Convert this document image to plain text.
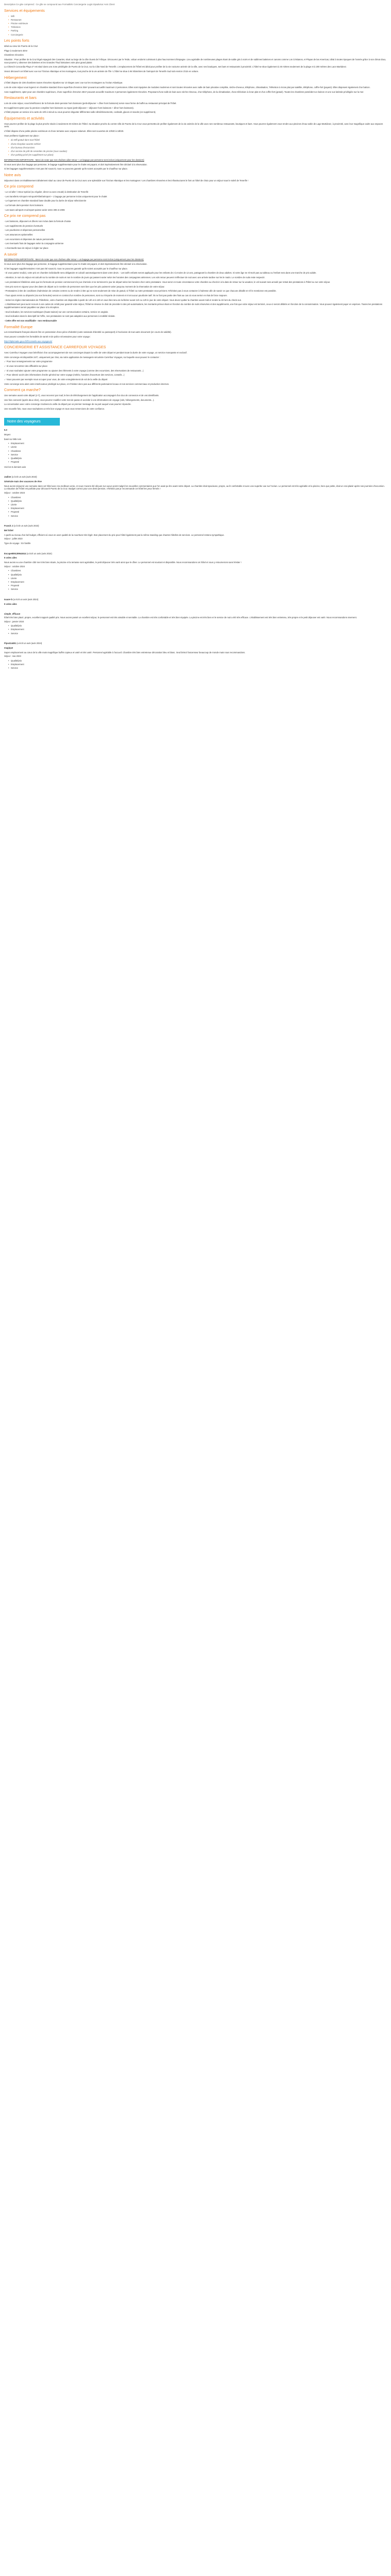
Description Ce gite comprend : Ce gîte se compound aux Formalités Conciergerie Logis tripadvisor Avis Client

Services et équipements
• Wifi
• Restaurant
• Piscine extérieure
• Télévision
• Parking
• Conciergerie
Les points forts

Idéal au cœur de Puerto de la Cruz

Plage à seulement 40m!

Chambres rénovées

Situation : Pour profiter de la Cruz légal espagnol des Canaries, situé au large de la côte Ouest de l'Afrique. Découvrez par le Teide, volcan endormi culminant à plus haut sommet d'Espagne. Lieu agréable de nombreuses plages étant de sable gris à noirs et de sublimes baleines et canons comme Los Cristianos, et Playas de las Americas, idéal à toutes époques de l'année grâce à son climat doux, vous pourrez y observer des baleines et les Grandes Thud lointaines voire plus grand plaisir.

La Chiesch Concordia Playa 4* est situé dans une zone privilégiée de Puerto de la Cruz, sur la Côte Nord de Tenerife. L'emplacement de l'hôtel est idéal pour profiter de la vie nocturne animée de la ville, avec ses boutiques, ses bars et restaurants à proximité. L'hôtel se situe également à 40 mètres seulement de la plage et à 200 mètres des Lacs Martiánez.

Venez découvrir cet hôtel avec vue sur l'Océan Atlantique et les montagnes, tout proche de la vie animée de l'île ! L'hôtel se situe à 94 kilomètres de l'aéroport de Tenerife Sud soit environ 1h15 en voiture.

Hébergement

L'hôtel dispose de 236 chambres toutes rénovées réparties sur 10 étages avec vue sur les montagnes ou l'océan Atlantique.

Lors de votre séjour vous logerez en chambre standard d'une superficie d'environ 25m² pouvant accueillir maximum 2 personnes. Elles sont équipées de modules modernes et sont toutes rénovées avec salle de bain privative complète, sèche-cheveux, téléphone, climatisation, Télévision à écran plat par satellite, téléphone, coffre-fort (payant). Elles disposent également d'un balcon.

Avec supplément, opter pour une chambre supérieure, d'une superficie d'environ 25m² pouvant accueillir maximum 3 personnes également rénovées. Proposant d'une salle de bain avec sèche-cheveux, d'un téléphone, de la climatisation, d'une télévision à écran plat et d'un coffre-fort (gratuit). Toutes les chambres possèdent un balcon et une vue latérale privilégiée sur la mer.

Restaurants et bars

Lors de votre séjour, vous bénéficierez de la formule demi-pension hors boissons (petit-déjeuner + dîner hors boissons) servie sous forme de buffet au restaurant principal de l'hôtel.

En supplément optez pour la pension complète hors boissons ou repas (petit-déjeuner + déjeuner hors boissons + dîner hors boissons).

L'hôtel propose un service à la carte de 10h à minuit ou vous pourrez déguster différentes salle rafraîchissements, cocktails, glaces et snacks (en supplément).

Équipements et activités

Vous pourrez profiter de la plage la plus proche située à seulement 40 mètres de l'hôtel. Sa situation proche du centre-ville de Puerto de la Cruz vous permettra de profiter également de la vie animée de la ville avec ses nombreux restaurants, boutiques et bars. Vous pourrez également vous rendre aux piscines d'eau salée de Lago Martiánez, à proximité, avec leur magnifique cadre aux espaces verts.

L'hôtel dispose d'une petite piscine extérieure et d'une terrasse avec espace solarium. Elles sont ouvertes de 10h30 à 18h30.

Vous profiterez également sur place :

• du Wifi gratuit dans tout l'hôtel
• d'une réception ouverte 24h/24
• d'un bureau d'excursions
• d'un service de prêt de serviettes de piscine (sous caution)
• d'un parking privé (en supplément sur place)

INFORMATION IMPORTANTE : Merci de noter que nos chaînes ailier retour + un bagage par personne sont inclus (uniquement pour les dossiers)

Si vous avez plus d'un bagage par personne, le bagage supplémentaire pour le chalet est payant, et doit impérativement être déclaré à la réservation.

Si les bagages supplémentaires n'ont pas été souscrit, nous ne pouvons garantir qu'ils soient acceptés par le chauffeur sur place.

Notre avis

Séjournez dans cet établissement idéalement situé au cœur de Puerto de la Cruz avec une splendide vue l'Océan Atlantique et les montagnes ! Les chambres rénovées et les infrastructures le font un hôtel de choix pour un séjour sous le soleil de Tenerife !

Ce prix comprend

- Le vol aller / retour spécial (ou régulier, direct ou avec escale) à destination de Tenerife

- Les transferts Aéroport-Aéroport/Hôtel/aéroport + 1 bagage par personne inclus uniquement pour le chalet

- Le logement en chambre standard base double pour la durée de séjour sélectionnée

- La formule demi-pension hors boissons

- Les taxes aéroport et aéroport puisse varier entre 30€ et 200€

Ce prix ne comprend pas

- Les boissons, déjeuners et dîners non inclus dans la formule choisie

- Les suppléments de pension éventuels

- Les pourboires et dépenses personnelles

- Les assurances optionnelles

- Les excursions et dépenses de nature personnelle

- Les éventuels frais de bagages selon la compagnie aérienne

- L'éventuelle taxe de séjour à régler sur place

A savoir

INFORMATION IMPORTANTE : Merci de noter que nos chaînes aller retour + un bagage par personne sont inclus (uniquement pour les dossiers)

Si vous avez plus d'un bagage par personne, le bagage supplémentaire pour le chalet est payant, et doit impérativement être déclaré à la réservation.

Si les bagages supplémentaires n'ont pas été souscrit, nous ne pouvons garantir qu'ils soient acceptés par le chauffeur sur place.

- Si vous partez seul(e), votre prix en chambre individuelle sera obligatoire et calculé automatiquement dans votre devis. - Les tarifs enfants seront appliqués pour les enfants de 2 à moins de 12 ans, partageant la chambre de deux adultes. Si votre âge ne s'inscrit pas au tableau ou l'enfant sera dans une tranche de prix adulte.

- Attention, le nom du séjour est calculé sur la nombre de nuits et non le nombre de jours qui passent varier selon les horaires des compagnies aériennes. Les vols retour peuvent s'effectuer de nuit avec une arrivée tardive sur les le matin. Le nombre de nuits reste respecté.

- Les prestations hôtelières ainsi que les formules de pension commencent le jour d'arrivée et se terminent le jour de départ selon les horaires chez votre prestataire. Vous serez en toute circonstance votre chambre au check-in à la date de retour sur la vacation, le vol suivant sera annulé par retrait des prestations à l'hôtel ou sur votre séjour.

- Des prix sont en vigueur pour des dates de départ ou le nombre de personnes sont bien que les prix puissent varier jusqu'au moment de la réservation de votre séjour.

- Prestataires à titre de conditions d'admission de certains centres ou de rendre à titre qui se sont seulement de mise de gratuit, si l'hôtel ou notre prestataire vous prévient. N'hésitez pas à nous contacter à l'adresse afin de savoir ce que chacune détaille et s'il le mentionne est possible.

- Tous ajouts remis ou déposés (via nos formules) seront en contrat d'un nombre de personnes, sont ou n'importe de moment et n'ont aucun pourboire tarif. Ils ne font pas partie des frais au cas où vous seriez en état de force majeure.

- Selon les règles internationales de l'hôtellerie, votre chambre est disponible à partir de 14h et à 15h et vous êtes tenu de la libérer avant 11h ou 12h le jour de votre départ. Vous devez quitter la chambre avant midi et rendre la clé lors du check-out.

- L'établissement peut avoir recours à vos cartes de crédit pour garantir votre séjour, l'hôtel se réserve le droit de procéder à des pré-autorisations, les montants prévus étant en fonction du nombre de nuits réservées et des suppléments, une fois que votre séjour est terminé, ceux-ci seront débités en fonction de la consommation. Vous pouvez également payer en espèces. Toutes les prestations supplémentaires seront payables sur place à la réception.

- Seul indication, les services touristiques (haute-saison) sur une communication certaine, service en anglais.

- Seul indication dans le descriptif de l'offre, nos prestataires ne sont pas adaptées aux personnes à mobilité réduite.

- Cette offre est non modifiable - non remboursable

Formalité Europe

Les ressortissants français doivent être en possession d'une pièce d'identité (carte nationale d'identité ou passeport) à l'exclusion de tout autre document (en cours de validité).

Vous pouvez consulter les formalités de santé et de police nécessaires pour votre voyage :

http://diplomatie.gouv.fr/fr/conseils-aux-voyageurs/

CONCIERGERIE ET ASSISTANCE CARREFOUR VOYAGES

Avec Carrefour Voyages vous bénéficiez d'un accompagnement de nos concierges depuis la veille de votre départ et pendant toute la durée de votre voyage, un service monoposte et exclusif.

Votre concierge est disponible 24/7, uniquement par chat, via notre application de messagerie sécurisée Carrefour Voyages, sur laquelle vous pouvez le contacter :

✓ Pour tous renseignements sur votre programme

✓ Si vous rencontrez des difficultés sur place

✓ Si vous souhaitez ajouter votre programme ou ajouter des éléments à votre voyage (comme des excursions, des réservations de restaurants...)

✓ Pour obtenir accès des informations d'ordre général sur votre voyage (météo, horaires d'ouverture des services, conseils...)

✓ Nous pouvons par exemple nous occuper pour vous, de votre enregistrement de vol de la veille du départ

Votre concierge sera alors votre interlocuteur privilégié sur place, et n'hésitez donc pas aux différents partenaires locaux et nos services commerciaux et production internes.

Comment ça marche?

Une semaine avant votre départ (J-7), vous recevrez par mail, le lien de téléchargement de l'application accompagné d'un duo de connexion et de vos identifiants.

Une fois connecté (après deux clics), vous pourrez modifier votre mot de passe et accéder à vos informations de voyage (vols, hébergements, documents...).

La conversation avec votre concierge s'activera la veille du départ par un premier message de sa part auquel vous pourrez répondre.

Une nouvelle fois, nous vous souhaitons un très bon voyage et nous vous remercions de votre confiance.

Notre des voyageurs

5.0

Moyen

basé sur 985 Avis

• Emplacement
• Literie
• Chambres
• Service
• Qualité/prix
• Propreté

Voir les 5 derniers avis

Jadine (a écrit un avis (avis 2023)

Générale mais des vacances de rêve

Nous avons séjourné une semaine dans cet hôtel avec ma meilleure amie, et nous n'avons été déçues sur aucun point malgré les nouvelles commentaires que l'on avait pu lire avant notre départ. La chambre était spacieuse, propre, au lit confortable et avec une superbe vue sur l'océan. Le personnel est très agréable et la piscine, bien que petite, était un vrai plaisir après nos journées d'excursion. La situation de l'hôtel est parfaite pour découvrir Puerto de la Cruz. Budget correct pour une demi-pension, n'hésitez pas je recommande cet hôtel les yeux fermés !

Séjour : octobre 2023

• Chambres
• Qualité/prix
• Literie
• Emplacement
• Propreté
• Service

Franck J (a écrit un avis (avis 2023)

Bel hôtel

A parlé au niveau d'un bel budget, efficient où vous en avez qualité de la nourriture très légèr. Bon placement du prix pour hôtel également pas la même standing que d'autres hôtelles de services. Le personnel restera sympathique.

Séjour : juillet 2023

Type de voyage : En famille

Escape805139944614 (a écrit un avis (avis 2024)

5 voles ailes

Nous avons eu une chambre côté mer très bien située, la piscine et la terrasse sont agréables, le petit déjeuner très varié ainsi que le dîner. Le personnel est souriant et disponible. Nous recommandons cet hôtel et nous y retournerons sans hésiter !

Séjour : octobre 2024

• Chambres
• Qualité/prix
• Literie
• Emplacement
• Propreté
• Service

Isaure b (a écrit un avis (avis 2024)

5 voles ailes

simple_efficace

hôtel très bien placé, propre, excellent rapport qualité prix. Nous avons passé un excellent séjour, le personnel est très aimable et serviable. La chambre est très confortable et très bien équipée. La piscine est très bien et le service de nuit a été très efficace. L'établissement est très bien entretenu, très propre et le petit déjeuner est varié. Nous recommandons vivement.

Séjour : janvier 2024

• Qualité/prix
• Emplacement
• Service

Pipo414481 (a écrit un avis (avis 2024)

magique

Super emplacement au cœur de la ville mais magnifique buffet copieux et varié et très varié. Personnel agréable à l'accueil. Chambre très bien entretenue décoration bleu et blanc. Seul bémol l'ascenseur beaucoup de monde mais nous recommandons.

Séjour : mai 2023

• Qualité/prix
• Emplacement
• Service
